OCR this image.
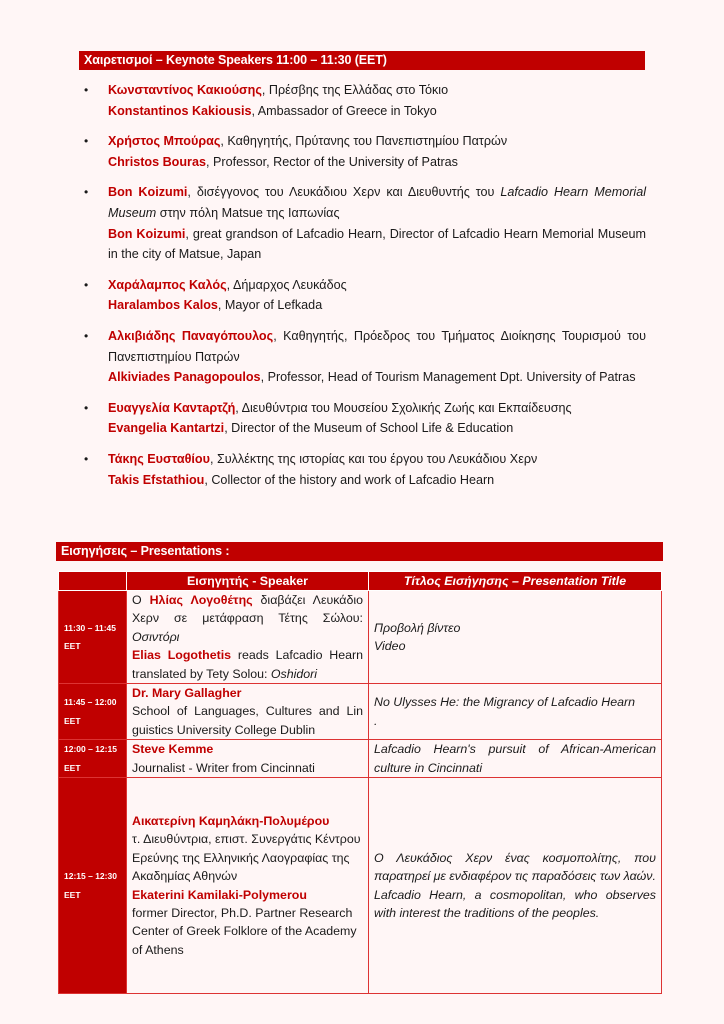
Χαιρετισμοί – Keynote Speakers 11:00 – 11:30 (EET)
• Κωνσταντίνος Κακιούσης, Πρέσβης της Ελλάδας στο Τόκιο
Konstantinos Kakiousis, Ambassador of Greece in Tokyo
• Χρήστος Μπούρας, Καθηγητής, Πρύτανης του Πανεπιστημίου Πατρών
Christos Bouras, Professor, Rector of the University of Patras
• Bon Koizumi, δισέγγονος του Λευκάδιου Χερν και Διευθυντής του Lafcadio Hearn Memorial Museum στην πόλη Matsue της Ιαπωνίας
Bon Koizumi, great grandson of Lafcadio Hearn, Director of Lafcadio Hearn Memorial Museum in the city of Matsue, Japan
• Χαράλαμπος Καλός, Δήμαρχος Λευκάδος
Haralambos Kalos, Mayor of Lefkada
• Αλκιβιάδης Παναγόπουλος, Καθηγητής, Πρόεδρος του Τμήματος Διοίκησης Τουρισμού του Πανεπιστημίου Πατρών
Alkiviades Panagopoulos, Professor, Head of Tourism Management Dpt. University of Patras
• Ευαγγελία Καντaρτζή, Διευθύντρια του Μουσείου Σχολικής Ζωής και Εκπαίδευσης
Evangelia Kantartzi, Director of the Museum of School Life & Education
• Τάκης Ευσταθίου, Συλλέκτης της ιστορίας και του έργου του Λευκάδιου Χερν
Takis Efstathiou, Collector of the history and work of Lafcadio Hearn
Εισηγήσεις – Presentations :
	Εισηγητής - Speaker	Τίτλος Εισήγησης – Presentation Title

11:30 – 11:45
EET	Ο Ηλίας Λογοθέτης διαβάζει Λευκάδιο Χερν σε μετάφραση Τέτης Σώλου: Οσιντόρι
Elias Logothetis reads Lafcadio Hearn translated by Tety Solou: Oshidori	Προβολή βίντεο
Video

11:45 – 12:00
EET	Dr. Mary Gallagher
School of Languages, Cultures and Lin guistics University College Dublin	No Ulysses He: the Migrancy of Lafcadio Hearn
.

12:00 – 12:15
EET	Steve Kemme
Journalist - Writer from Cincinnati	Lafcadio Hearn's pursuit of African-American culture in Cincinnati

12:15 – 12:30
EET	Αικατερίνη Καμηλάκη-Πολυμέρου
τ. Διευθύντρια, επιστ. Συνεργάτις Κέντρου Ερεύνης της Ελληνικής Λαογραφίας της Ακαδημίας Αθηνών
Ekaterini Kamilaki-Polymerou
former Director, Ph.D. Partner Research Center of Greek Folklore of the Academy of Athens	Ο Λευκάδιος Χερν ένας κοσμοπολίτης, που παρατηρεί με ενδιαφέρον τις παραδόσεις των λαών.
Lafcadio Hearn, a cosmopolitan, who observes with interest the traditions of the peoples.
